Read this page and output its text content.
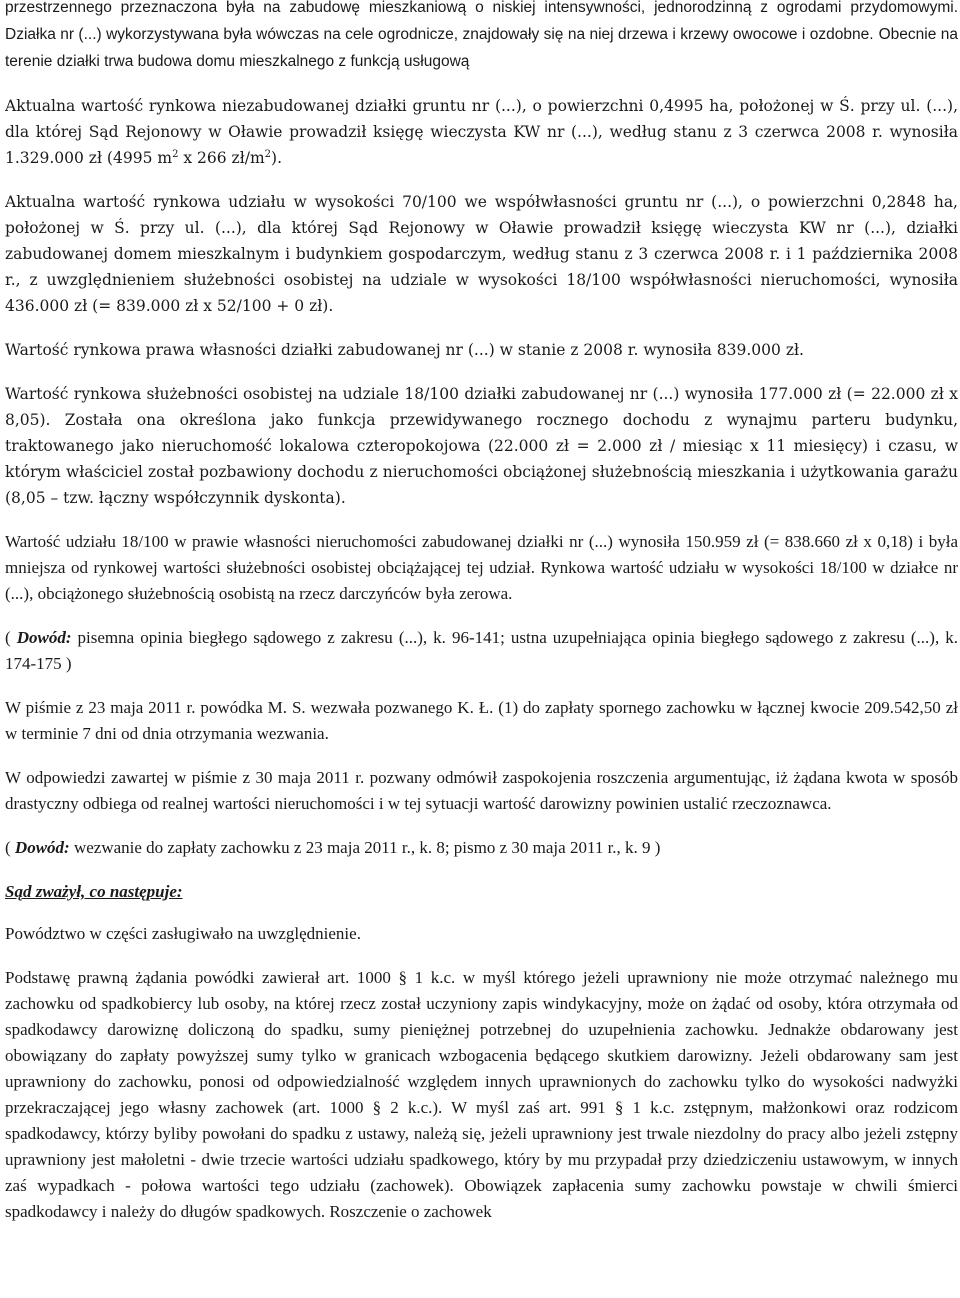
przestrzennego przeznaczona była na zabudowę mieszkaniową o niskiej intensywności, jednorodzinną z ogrodami przydomowymi. Działka nr (...) wykorzystywana była wówczas na cele ogrodnicze, znajdowały się na niej drzewa i krzewy owocowe i ozdobne. Obecnie na terenie działki trwa budowa domu mieszkalnego z funkcją usługową

Aktualna wartość rynkowa niezabudowanej działki gruntu nr (...), o powierzchni 0,4995 ha, położonej w Ś. przy ul. (...), dla której Sąd Rejonowy w Oławie prowadził księgę wieczysta KW nr (...), według stanu z 3 czerwca 2008 r. wynosiła 1.329.000 zł (4995 $m^2$ x 266 $zł/m^2$).

Aktualna wartość rynkowa udziału w wysokości 70/100 we współwłasności gruntu nr (...), o powierzchni 0,2848 ha, położonej w Ś. przy ul. (...), dla której Sąd Rejonowy w Oławie prowadził księgę wieczysta KW nr (...), działki zabudowanej domem mieszkalnym i budynkiem gospodarczym, według stanu z 3 czerwca 2008 r. i 1 października 2008 r., z uwzględnieniem służebności osobistej na udziale w wysokości 18/100 współwłasności nieruchomości, wynosiła 436.000 zł (= 839.000 zł x 52/100 + 0 zł).

Wartość rynkowa prawa własności działki zabudowanej nr (...) w stanie z 2008 r. wynosiła 839.000 zł.

Wartość rynkowa służebności osobistej na udziale 18/100 działki zabudowanej nr (...) wynosiła 177.000 zł (= 22.000 zł x 8,05). Została ona określona jako funkcja przewidywanego rocznego dochodu z wynajmu parteru budynku, traktowanego jako nieruchomość lokalowa czteropokojowa (22.000 zł = 2.000 zł / miesiąc x 11 miesięcy) i czasu, w którym właściciel został pozbawiony dochodu z nieruchomości obciążonej służebnością mieszkania i użytkowania garażu (8,05 – tzw. łączny współczynnik dyskonta).

Wartość udziału 18/100 w prawie własności nieruchomości zabudowanej działki nr (...) wynosiła 150.959 zł (= 838.660 zł x 0,18) i była mniejsza od rynkowej wartości służebności osobistej obciążającej tej udział. Rynkowa wartość udziału w wysokości 18/100 w działce nr (...), obciążonego służebnością osobistą na rzecz darczyńców była zerowa.

( Dowód: pisemna opinia biegłego sądowego z zakresu (...), k. 96-141; ustna uzupełniająca opinia biegłego sądowego z zakresu (...), k. 174-175 )

W piśmie z 23 maja 2011 r. powódka M. S. wezwała pozwanego K. Ł. (1) do zapłaty spornego zachowku w łącznej kwocie 209.542,50 zł w terminie 7 dni od dnia otrzymania wezwania.

W odpowiedzi zawartej w piśmie z 30 maja 2011 r. pozwany odmówił zaspokojenia roszczenia argumentując, iż żądana kwota w sposób drastyczny odbiega od realnej wartości nieruchomości i w tej sytuacji wartość darowizny powinien ustalić rzeczoznawca.

( Dowód: wezwanie do zapłaty zachowku z 23 maja 2011 r., k. 8; pismo z 30 maja 2011 r., k. 9 )

Sąd zważył, co następuje:

Powództwo w części zasługiwało na uwzględnienie.

Podstawę prawną żądania powódki zawierał art. 1000 § 1 k.c. w myśl którego jeżeli uprawniony nie może otrzymać należnego mu zachowku od spadkobiercy lub osoby, na której rzecz został uczyniony zapis windykacyjny, może on żądać od osoby, która otrzymała od spadkodawcy darowiznę doliczoną do spadku, sumy pieniężnej potrzebnej do uzupełnienia zachowku. Jednakże obdarowany jest obowiązany do zapłaty powyższej sumy tylko w granicach wzbogacenia będącego skutkiem darowizny. Jeżeli obdarowany sam jest uprawniony do zachowku, ponosi od odpowiedzialność względem innych uprawnionych do zachowku tylko do wysokości nadwyżki przekraczającej jego własny zachowek (art. 1000 § 2 k.c.). W myśl zaś art. 991 § 1 k.c. zstępnym, małżonkowi oraz rodzicom spadkodawcy, którzy byliby powołani do spadku z ustawy, należą się, jeżeli uprawniony jest trwale niezdolny do pracy albo jeżeli zstępny uprawniony jest małoletni - dwie trzecie wartości udziału spadkowego, który by mu przypadał przy dziedziczeniu ustawowym, w innych zaś wypadkach - połowa wartości tego udziału (zachowek). Obowiązek zapłacenia sumy zachowku powstaje w chwili śmierci spadkodawcy i należy do długów spadkowych. Roszczenie o zachowek
